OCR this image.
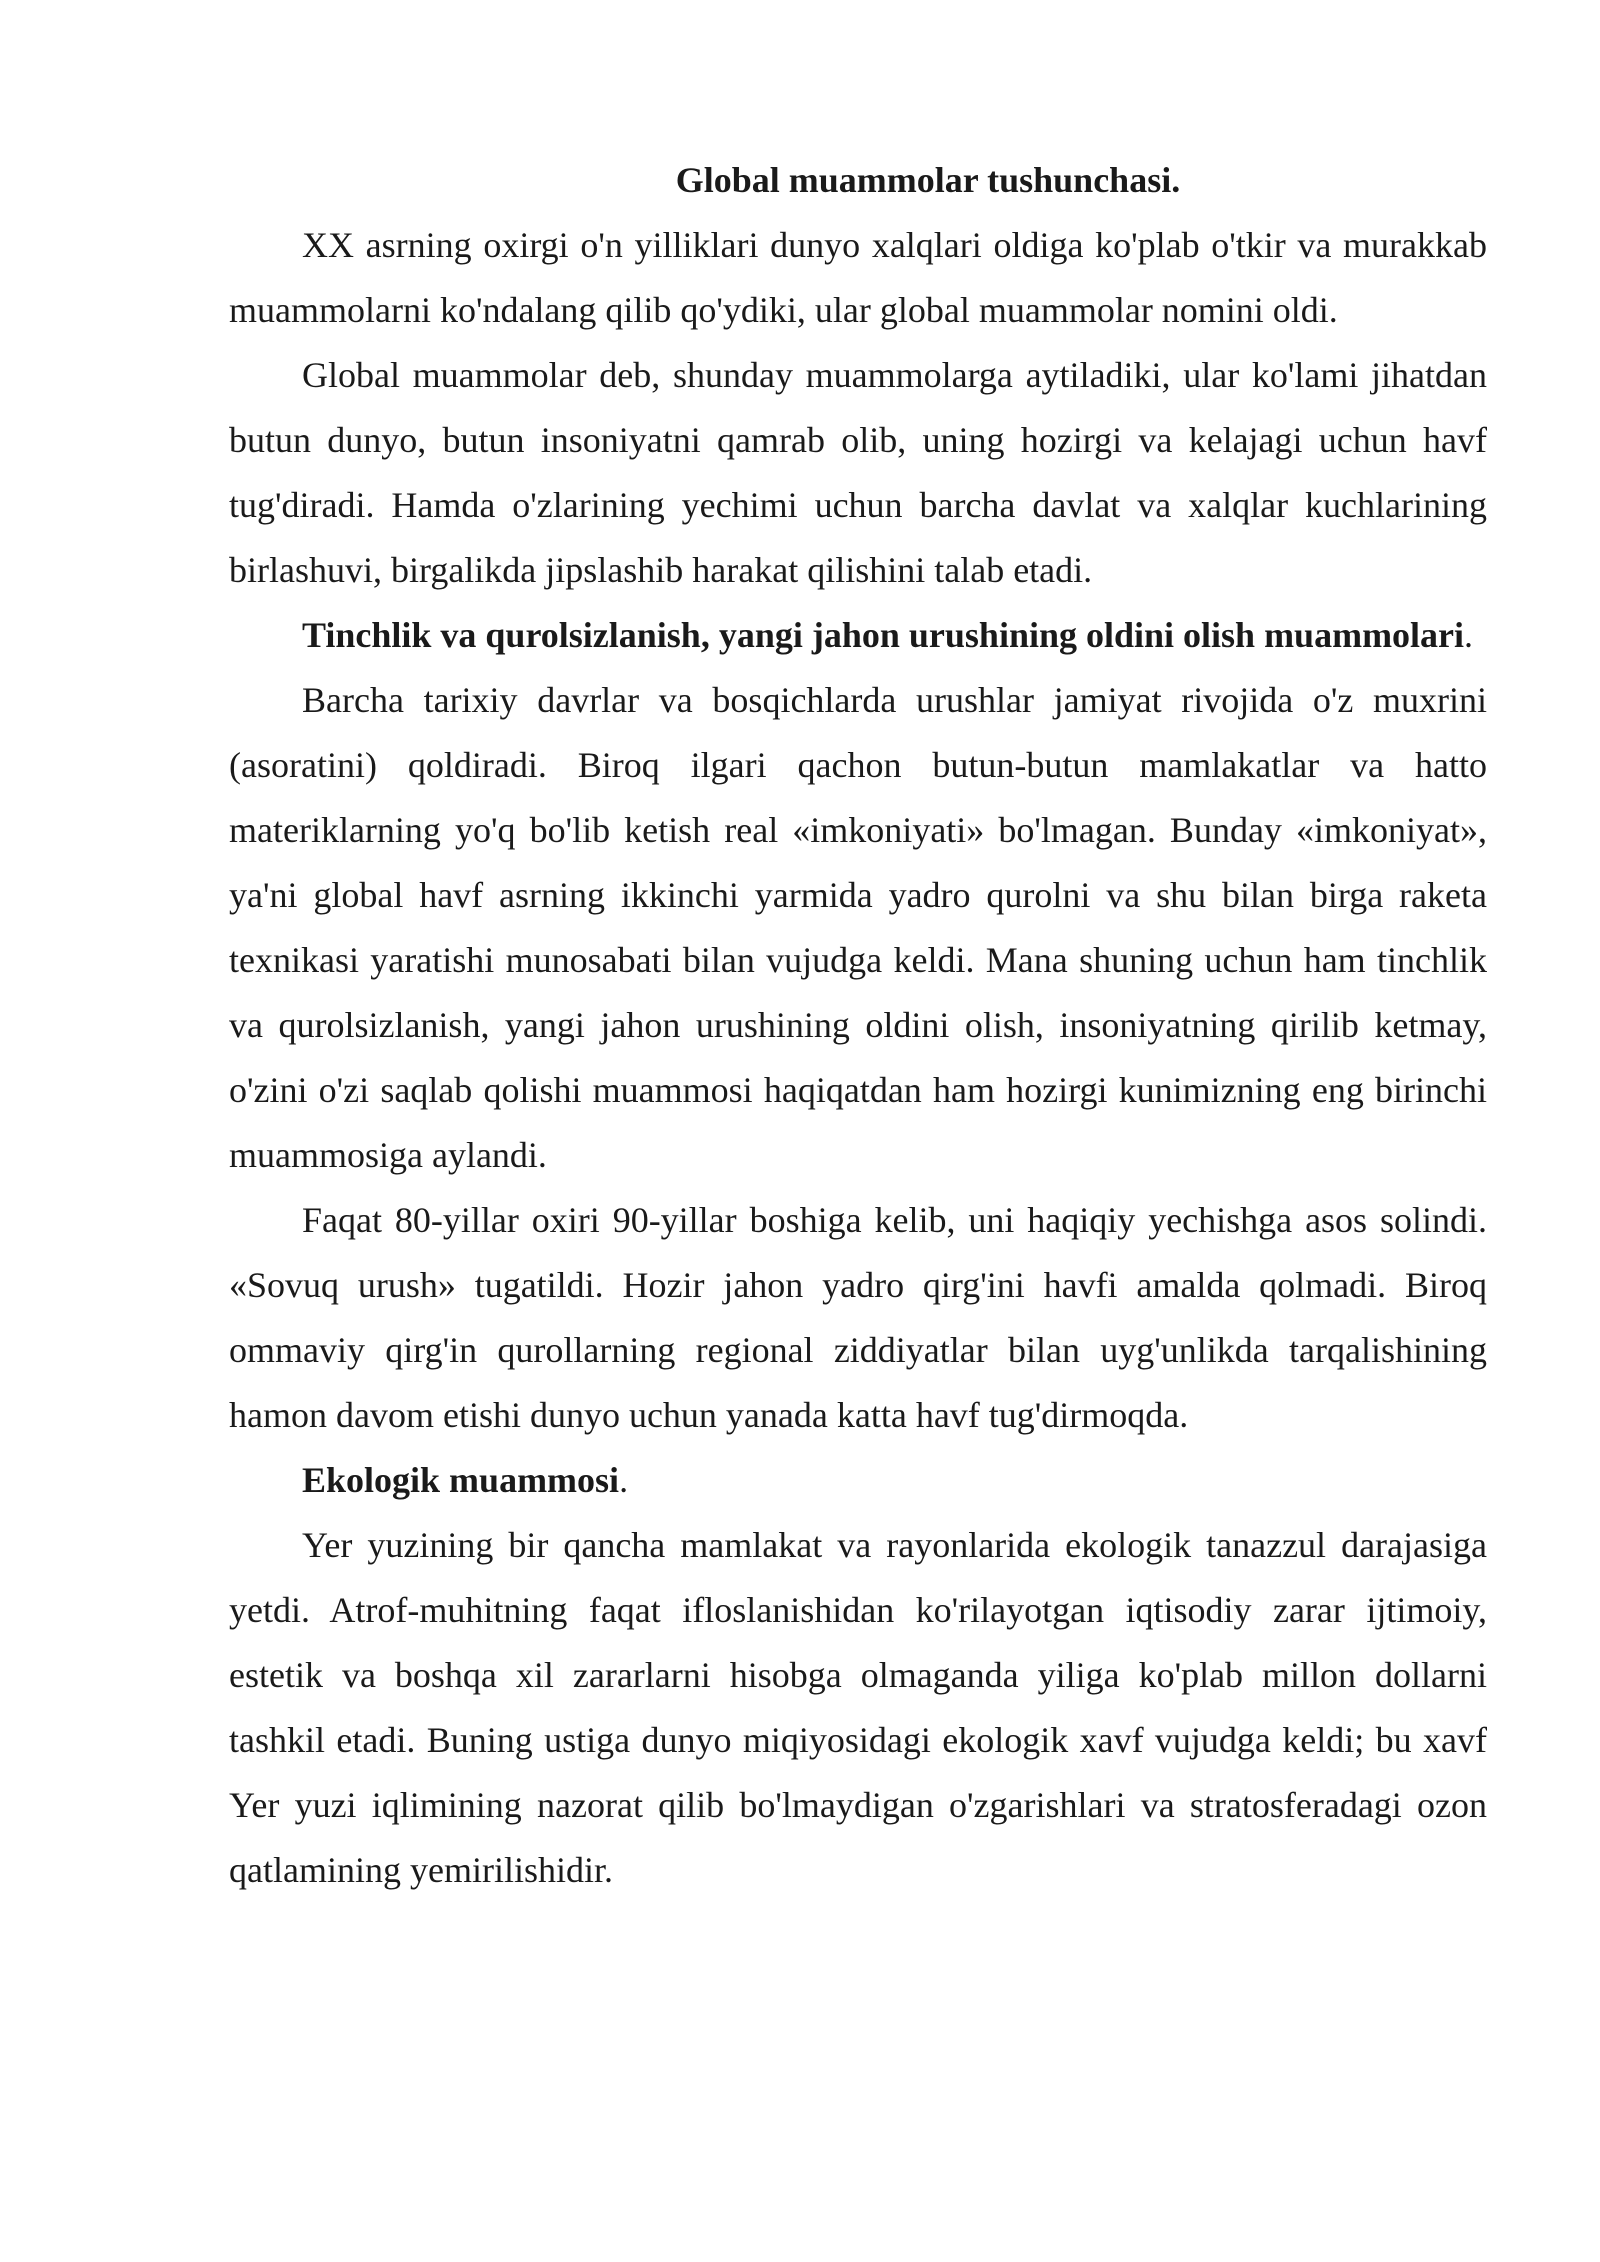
Global muammolar tushunchasi.

XX asrning oxirgi o'n yilliklari dunyo xalqlari oldiga ko'plab o'tkir va murakkab muammolarni ko'ndalang qilib qo'ydiki, ular global muammolar nomini oldi.

Global muammolar deb, shunday muammolarga aytiladiki, ular ko'lami jihatdan butun dunyo, butun insoniyatni qamrab olib, uning hozirgi va kelajagi uchun havf tug'diradi. Hamda o'zlarining yechimi uchun barcha davlat va xalqlar kuchlarining birlashuvi, birgalikda jipslashib harakat qilishini talab etadi.

Tinchlik va qurolsizlanish, yangi jahon urushining oldini olish muammolari.

Barcha tarixiy davrlar va bosqichlarda urushlar jamiyat rivojida o'z muxrini (asoratini) qoldiradi. Biroq ilgari qachon butun-butun mamlakatlar va hatto materiklarning yo'q bo'lib ketish real «imkoniyati» bo'lmagan. Bunday «imkoniyat», ya'ni global havf asrning ikkinchi yarmida yadro qurolni va shu bilan birga raketa texnikasi yaratishi munosabati bilan vujudga keldi. Mana shuning uchun ham tinchlik va qurolsizlanish, yangi jahon urushining oldini olish, insoniyatning qirilib ketmay, o'zini o'zi saqlab qolishi muammosi haqiqatdan ham hozirgi kunimizning eng birinchi muammosiga aylandi.

Faqat 80-yillar oxiri 90-yillar boshiga kelib, uni haqiqiy yechishga asos solindi. «Sovuq urush» tugatildi. Hozir jahon yadro qirg'ini havfi amalda qolmadi. Biroq ommaviy qirg'in qurollarning regional ziddiyatlar bilan uyg'unlikda tarqalishining hamon davom etishi dunyo uchun yanada katta havf tug'dirmoqda.

Ekologik muammosi.

Yer yuzining bir qancha mamlakat va rayonlarida ekologik tanazzul darajasiga yetdi. Atrof-muhitning faqat ifloslanishidan ko'rilayotgan iqtisodiy zarar ijtimoiy, estetik va boshqa xil zararlarni hisobga olmaganda yiliga ko'plab millon dollarni tashkil etadi. Buning ustiga dunyo miqiyosidagi ekologik xavf vujudga keldi; bu xavf Yer yuzi iqlimining nazorat qilib bo'lmaydigan o'zgarishlari va stratosferadagi ozon qatlamining yemirilishidir.
